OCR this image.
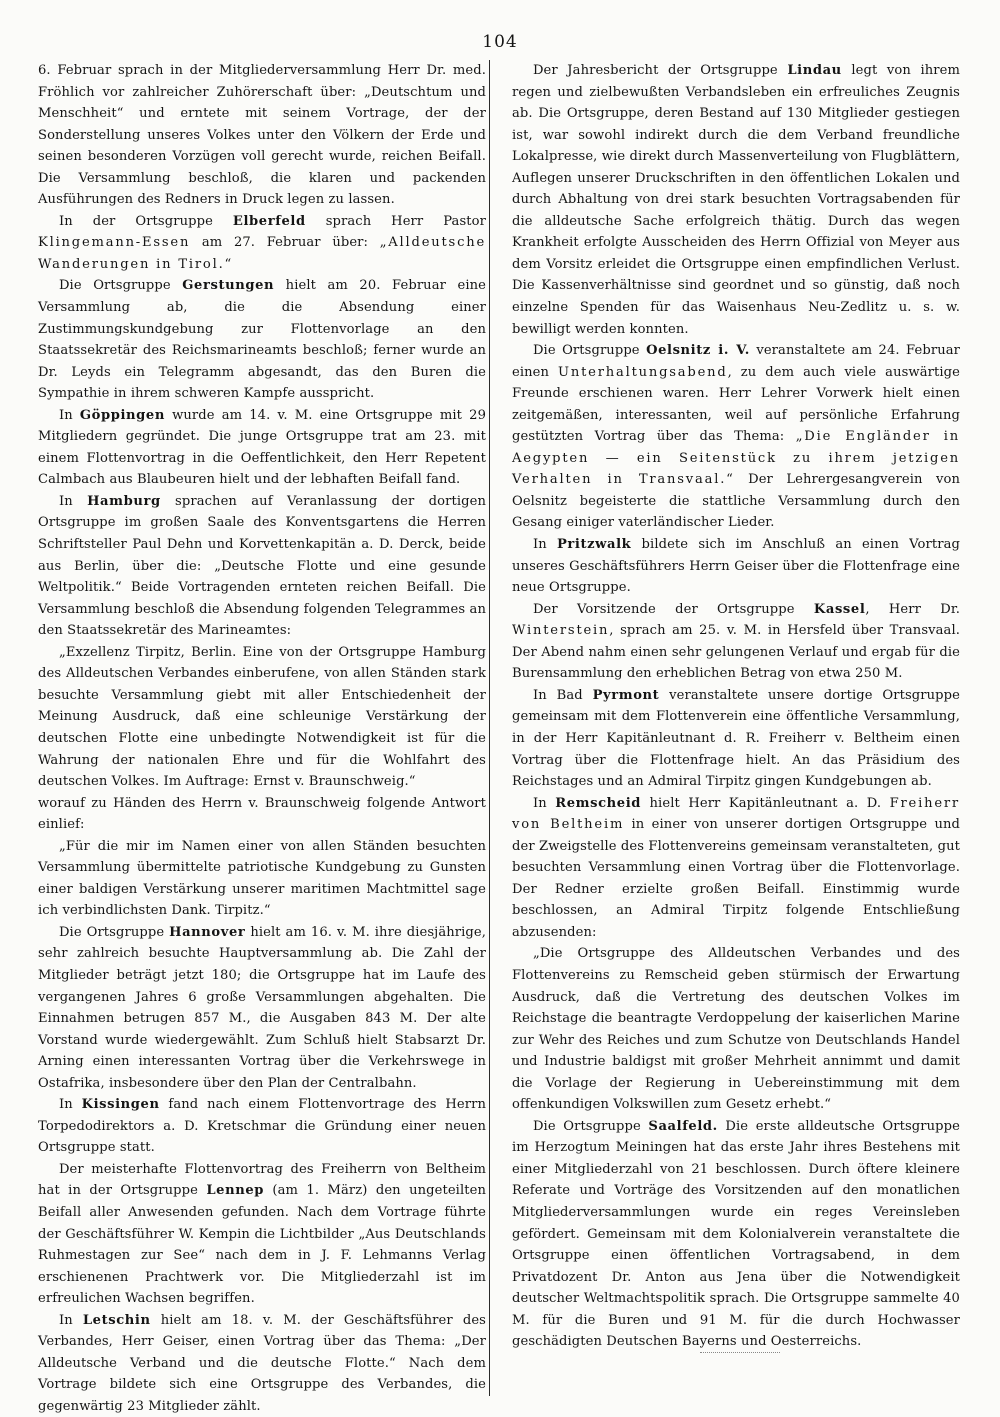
104

6. Februar sprach in der Mitgliederversammlung Herr Dr. med. Fröhlich vor zahlreicher Zuhörerschaft über: „Deutschtum und Menschheit“ und erntete mit seinem Vortrage, der der Sonderstellung unseres Volkes unter den Völkern der Erde und seinen besonderen Vorzügen voll gerecht wurde, reichen Beifall. Die Versammlung beschloß, die klaren und packenden Ausführungen des Redners in Druck legen zu lassen.

In der Ortsgruppe Elberfeld sprach Herr Pastor Klingemann-Essen am 27. Februar über: „Alldeutsche Wanderungen in Tirol.“

Die Ortsgruppe Gerstungen hielt am 20. Februar eine Versammlung ab, die die Absendung einer Zustimmungskundgebung zur Flottenvorlage an den Staatssekretär des Reichsmarineamts beschloß; ferner wurde an Dr. Leyds ein Telegramm abgesandt, das den Buren die Sympathie in ihrem schweren Kampfe ausspricht.

In Göppingen wurde am 14. v. M. eine Ortsgruppe mit 29 Mitgliedern gegründet. Die junge Ortsgruppe trat am 23. mit einem Flottenvortrag in die Oeffentlichkeit, den Herr Repetent Calmbach aus Blaubeuren hielt und der lebhaften Beifall fand.

In Hamburg sprachen auf Veranlassung der dortigen Ortsgruppe im großen Saale des Konventsgartens die Herren Schriftsteller Paul Dehn und Korvettenkapitän a. D. Derck, beide aus Berlin, über die: „Deutsche Flotte und eine gesunde Weltpolitik.“ Beide Vortragenden ernteten reichen Beifall. Die Versammlung beschloß die Absendung folgenden Telegrammes an den Staatssekretär des Marineamtes:

„Exzellenz Tirpitz, Berlin. Eine von der Ortsgruppe Hamburg des Alldeutschen Verbandes einberufene, von allen Ständen stark besuchte Versammlung giebt mit aller Entschiedenheit der Meinung Ausdruck, daß eine schleunige Verstärkung der deutschen Flotte eine unbedingte Notwendigkeit ist für die Wahrung der nationalen Ehre und für die Wohlfahrt des deutschen Volkes. Im Auftrage: Ernst v. Braunschweig.“

worauf zu Händen des Herrn v. Braunschweig folgende Antwort einlief:

„Für die mir im Namen einer von allen Ständen besuchten Versammlung übermittelte patriotische Kundgebung zu Gunsten einer baldigen Verstärkung unserer maritimen Machtmittel sage ich verbindlichsten Dank. Tirpitz.“

Die Ortsgruppe Hannover hielt am 16. v. M. ihre diesjährige, sehr zahlreich besuchte Hauptversammlung ab. Die Zahl der Mitglieder beträgt jetzt 180; die Ortsgruppe hat im Laufe des vergangenen Jahres 6 große Versammlungen abgehalten. Die Einnahmen betrugen 857 M., die Ausgaben 843 M. Der alte Vorstand wurde wiedergewählt. Zum Schluß hielt Stabsarzt Dr. Arning einen interessanten Vortrag über die Verkehrswege in Ostafrika, insbesondere über den Plan der Centralbahn.

In Kissingen fand nach einem Flottenvortrage des Herrn Torpedodirektors a. D. Kretschmar die Gründung einer neuen Ortsgruppe statt.

Der meisterhafte Flottenvortrag des Freiherrn von Beltheim hat in der Ortsgruppe Lennep (am 1. März) den ungeteilten Beifall aller Anwesenden gefunden. Nach dem Vortrage führte der Geschäftsführer W. Kempin die Lichtbilder „Aus Deutschlands Ruhmestagen zur See“ nach dem in J. F. Lehmanns Verlag erschienenen Prachtwerk vor. Die Mitgliederzahl ist im erfreulichen Wachsen begriffen.

In Letschin hielt am 18. v. M. der Geschäftsführer des Verbandes, Herr Geiser, einen Vortrag über das Thema: „Der Alldeutsche Verband und die deutsche Flotte.“ Nach dem Vortrage bildete sich eine Ortsgruppe des Verbandes, die gegenwärtig 23 Mitglieder zählt.

Der Jahresbericht der Ortsgruppe Lindau legt von ihrem regen und zielbewußten Verbandsleben ein erfreuliches Zeugnis ab. Die Ortsgruppe, deren Bestand auf 130 Mitglieder gestiegen ist, war sowohl indirekt durch die dem Verband freundliche Lokalpresse, wie direkt durch Massenverteilung von Flugblättern, Auflegen unserer Druckschriften in den öffentlichen Lokalen und durch Abhaltung von drei stark besuchten Vortragsabenden für die alldeutsche Sache erfolgreich thätig. Durch das wegen Krankheit erfolgte Ausscheiden des Herrn Offizial von Meyer aus dem Vorsitz erleidet die Ortsgruppe einen empfindlichen Verlust. Die Kassenverhältnisse sind geordnet und so günstig, daß noch einzelne Spenden für das Waisenhaus Neu-Zedlitz u. s. w. bewilligt werden konnten.

Die Ortsgruppe Oelsnitz i. V. veranstaltete am 24. Februar einen Unterhaltungsabend, zu dem auch viele auswärtige Freunde erschienen waren. Herr Lehrer Vorwerk hielt einen zeitgemäßen, interessanten, weil auf persönliche Erfahrung gestützten Vortrag über das Thema: „Die Engländer in Aegypten — ein Seitenstück zu ihrem jetzigen Verhalten in Transvaal.“ Der Lehrergesangverein von Oelsnitz begeisterte die stattliche Versammlung durch den Gesang einiger vaterländischer Lieder.

In Pritzwalk bildete sich im Anschluß an einen Vortrag unseres Geschäftsführers Herrn Geiser über die Flottenfrage eine neue Ortsgruppe.

Der Vorsitzende der Ortsgruppe Kassel, Herr Dr. Winterstein, sprach am 25. v. M. in Hersfeld über Transvaal. Der Abend nahm einen sehr gelungenen Verlauf und ergab für die Burensammlung den erheblichen Betrag von etwa 250 M.

In Bad Pyrmont veranstaltete unsere dortige Ortsgruppe gemeinsam mit dem Flottenverein eine öffentliche Versammlung, in der Herr Kapitänleutnant d. R. Freiherr v. Beltheim einen Vortrag über die Flottenfrage hielt. An das Präsidium des Reichstages und an Admiral Tirpitz gingen Kundgebungen ab.

In Remscheid hielt Herr Kapitänleutnant a. D. Freiherr von Beltheim in einer von unserer dortigen Ortsgruppe und der Zweigstelle des Flottenvereins gemeinsam veranstalteten, gut besuchten Versammlung einen Vortrag über die Flottenvorlage. Der Redner erzielte großen Beifall. Einstimmig wurde beschlossen, an Admiral Tirpitz folgende Entschließung abzusenden:

„Die Ortsgruppe des Alldeutschen Verbandes und des Flottenvereins zu Remscheid geben stürmisch der Erwartung Ausdruck, daß die Vertretung des deutschen Volkes im Reichstage die beantragte Verdoppelung der kaiserlichen Marine zur Wehr des Reiches und zum Schutze von Deutschlands Handel und Industrie baldigst mit großer Mehrheit annimmt und damit die Vorlage der Regierung in Uebereinstimmung mit dem offenkundigen Volkswillen zum Gesetz erhebt.“

Die Ortsgruppe Saalfeld. Die erste alldeutsche Ortsgruppe im Herzogtum Meiningen hat das erste Jahr ihres Bestehens mit einer Mitgliederzahl von 21 beschlossen. Durch öftere kleinere Referate und Vorträge des Vorsitzenden auf den monatlichen Mitgliederversammlungen wurde ein reges Vereinsleben gefördert. Gemeinsam mit dem Kolonialverein veranstaltete die Ortsgruppe einen öffentlichen Vortragsabend, in dem Privatdozent Dr. Anton aus Jena über die Notwendigkeit deutscher Weltmachtspolitik sprach. Die Ortsgruppe sammelte 40 M. für die Buren und 91 M. für die durch Hochwasser geschädigten Deutschen Bayerns und Oesterreichs.
